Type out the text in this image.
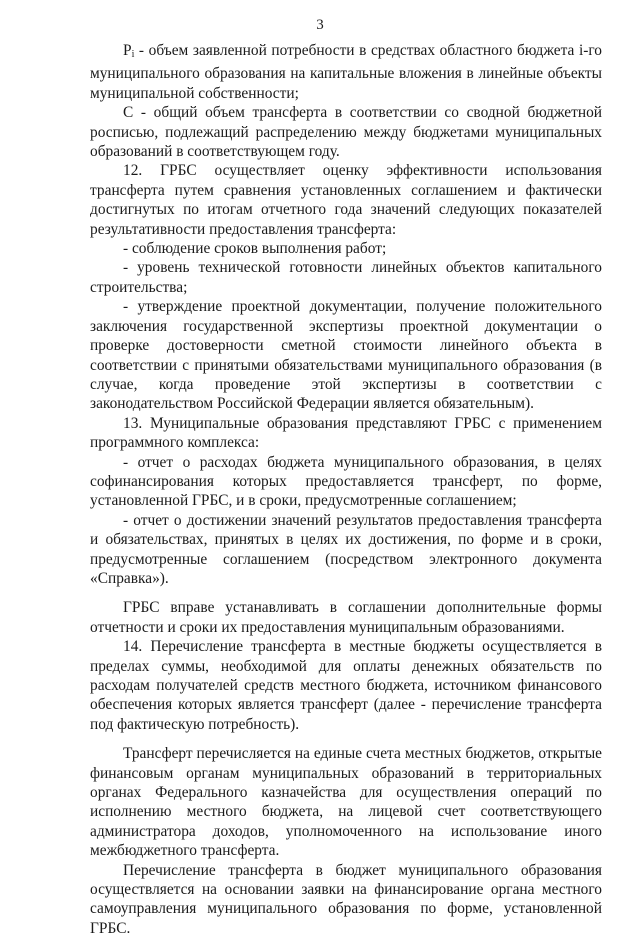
3

$P_i$ - объем заявленной потребности в средствах областного бюджета i-го муниципального образования на капитальные вложения в линейные объекты муниципальной собственности;

С - общий объем трансферта в соответствии со сводной бюджетной росписью, подлежащий распределению между бюджетами муниципальных образований в соответствующем году.

12. ГРБС осуществляет оценку эффективности использования трансферта путем сравнения установленных соглашением и фактически достигнутых по итогам отчетного года значений следующих показателей результативности предоставления трансферта:

- соблюдение сроков выполнения работ;

- уровень технической готовности линейных объектов капитального строительства;

- утверждение проектной документации, получение положительного заключения государственной экспертизы проектной документации о проверке достоверности сметной стоимости линейного объекта в соответствии с принятыми обязательствами муниципального образования (в случае, когда проведение этой экспертизы в соответствии с законодательством Российской Федерации является обязательным).

13. Муниципальные образования представляют ГРБС с применением программного комплекса:

- отчет о расходах бюджета муниципального образования, в целях софинансирования которых предоставляется трансферт, по форме, установленной ГРБС, и в сроки, предусмотренные соглашением;

- отчет о достижении значений результатов предоставления трансферта и обязательствах, принятых в целях их достижения, по форме и в сроки, предусмотренные соглашением (посредством электронного документа «Справка»).

ГРБС вправе устанавливать в соглашении дополнительные формы отчетности и сроки их предоставления муниципальным образованиями.

14. Перечисление трансферта в местные бюджеты осуществляется в пределах суммы, необходимой для оплаты денежных обязательств по расходам получателей средств местного бюджета, источником финансового обеспечения которых является трансферт (далее - перечисление трансферта под фактическую потребность).

Трансферт перечисляется на единые счета местных бюджетов, открытые финансовым органам муниципальных образований в территориальных органах Федерального казначейства для осуществления операций по исполнению местного бюджета, на лицевой счет соответствующего администратора доходов, уполномоченного на использование иного межбюджетного трансферта.

Перечисление трансферта в бюджет муниципального образования осуществляется на основании заявки на финансирование органа местного самоуправления муниципального образования по форме, установленной ГРБС.
